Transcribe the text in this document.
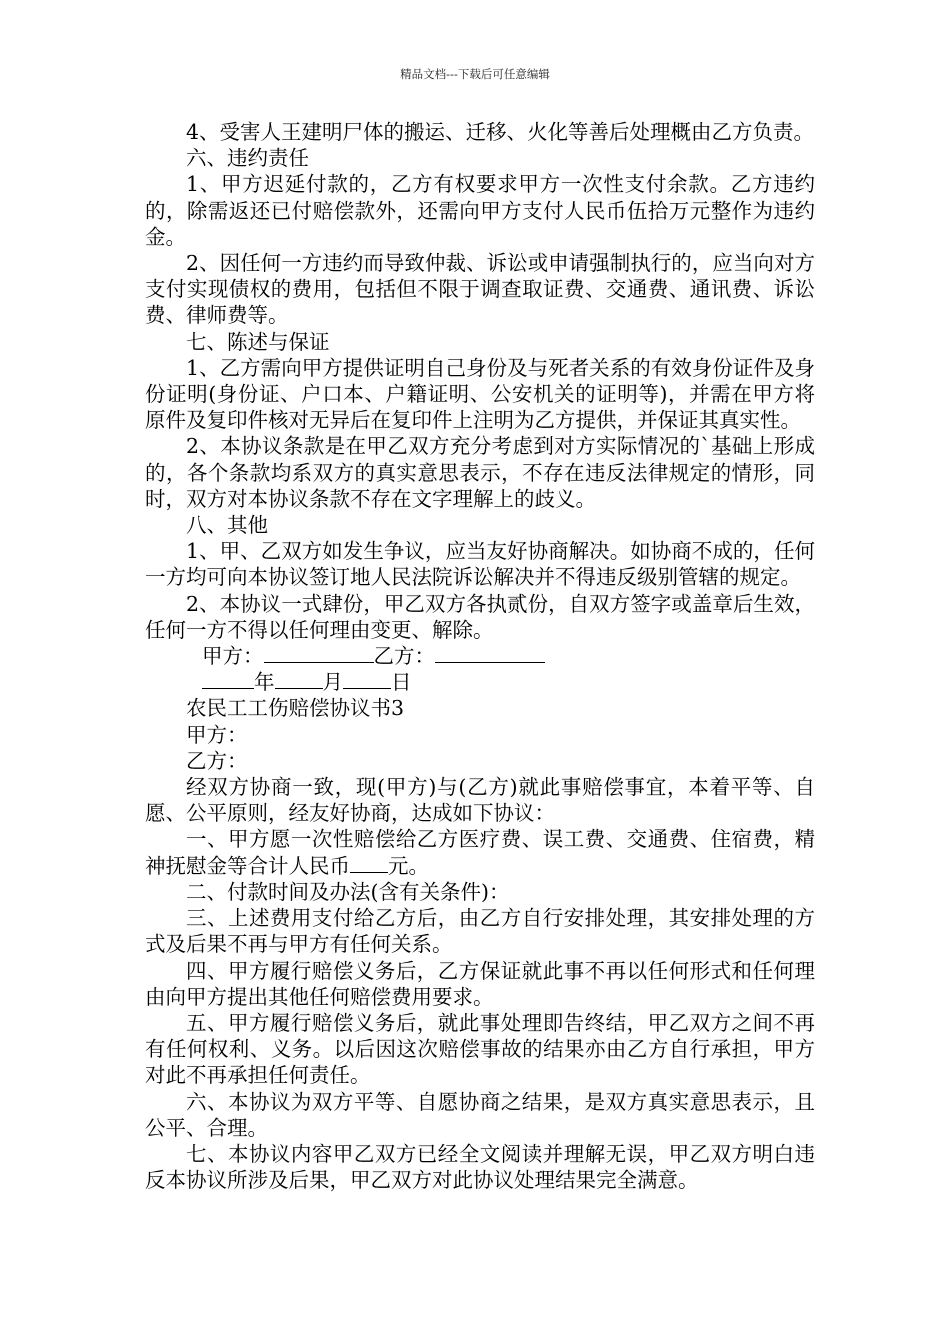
精品文档---下载后可任意编辑

4、受害人王建明尸体的搬运、迁移、火化等善后处理概由乙方负责。

六、违约责任

1、甲方迟延付款的，乙方有权要求甲方一次性支付余款。乙方违约的，除需返还已付赔偿款外，还需向甲方支付人民币伍拾万元整作为违约金。

2、因任何一方违约而导致仲裁、诉讼或申请强制执行的，应当向对方支付实现债权的费用，包括但不限于调查取证费、交通费、通讯费、诉讼费、律师费等。

七、陈述与保证

1、乙方需向甲方提供证明自己身份及与死者关系的有效身份证件及身份证明(身份证、户口本、户籍证明、公安机关的证明等)，并需在甲方将原件及复印件核对无异后在复印件上注明为乙方提供，并保证其真实性。

2、本协议条款是在甲乙双方充分考虑到对方实际情况的`基础上形成的，各个条款均系双方的真实意思表示，不存在违反法律规定的情形，同时，双方对本协议条款不存在文字理解上的歧义。

八、其他

1、甲、乙双方如发生争议，应当友好协商解决。如协商不成的，任何一方均可向本协议签订地人民法院诉讼解决并不得违反级别管辖的规定。

2、本协议一式肆份，甲乙双方各执贰份，自双方签字或盖章后生效，任何一方不得以任何理由变更、解除。

甲方：	乙方：

年 月 日

农民工工伤赔偿协议书3

甲方：

乙方：

经双方协商一致，现(甲方)与(乙方)就此事赔偿事宜，本着平等、自愿、公平原则，经友好协商，达成如下协议：

一、甲方愿一次性赔偿给乙方医疗费、误工费、交通费、住宿费，精神抚慰金等合计人民币 元。

二、付款时间及办法(含有关条件)：

三、上述费用支付给乙方后，由乙方自行安排处理，其安排处理的方式及后果不再与甲方有任何关系。

四、甲方履行赔偿义务后，乙方保证就此事不再以任何形式和任何理由向甲方提出其他任何赔偿费用要求。

五、甲方履行赔偿义务后，就此事处理即告终结，甲乙双方之间不再有任何权利、义务。以后因这次赔偿事故的结果亦由乙方自行承担，甲方对此不再承担任何责任。

六、本协议为双方平等、自愿协商之结果，是双方真实意思表示，且公平、合理。

七、本协议内容甲乙双方已经全文阅读并理解无误，甲乙双方明白违反本协议所涉及后果，甲乙双方对此协议处理结果完全满意。
